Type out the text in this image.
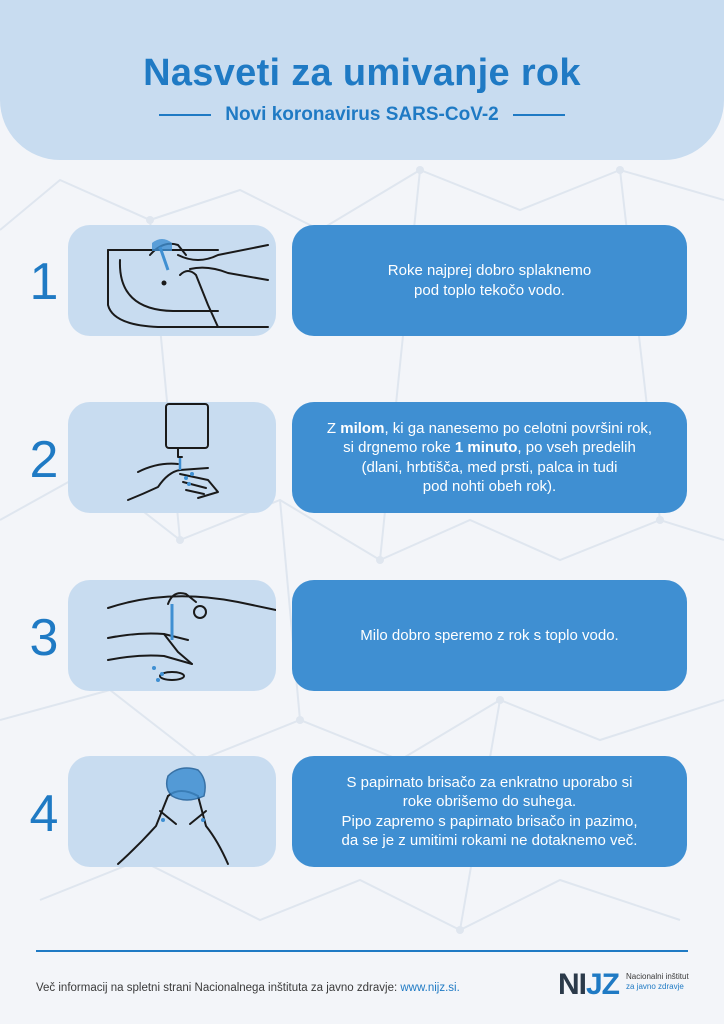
Nasveti za umivanje rok
Novi koronavirus SARS-CoV-2
1	Roke najprej dobro splaknemo
pod toplo tekočo vodo.

2

Z milom, ki ga nanesemo po celotni površini rok,
si drgnemo roke 1 minuto, po vseh predelih
(dlani, hrbtišča, med prsti, palca in tudi
pod nohti obeh rok).

3	Milo dobro speremo z rok s toplo vodo.

4

S papirnato brisačo za enkratno uporabo si
roke obrišemo do suhega.
Pipo zapremo s papirnato brisačo in pazimo,
da se je z umitimi rokami ne dotaknemo več.

Več informacij na spletni strani Nacionalnega inštituta za javno zdravje: www.nijz.si.	NIJZ Nacionalni inštitut
za javno zdravje
